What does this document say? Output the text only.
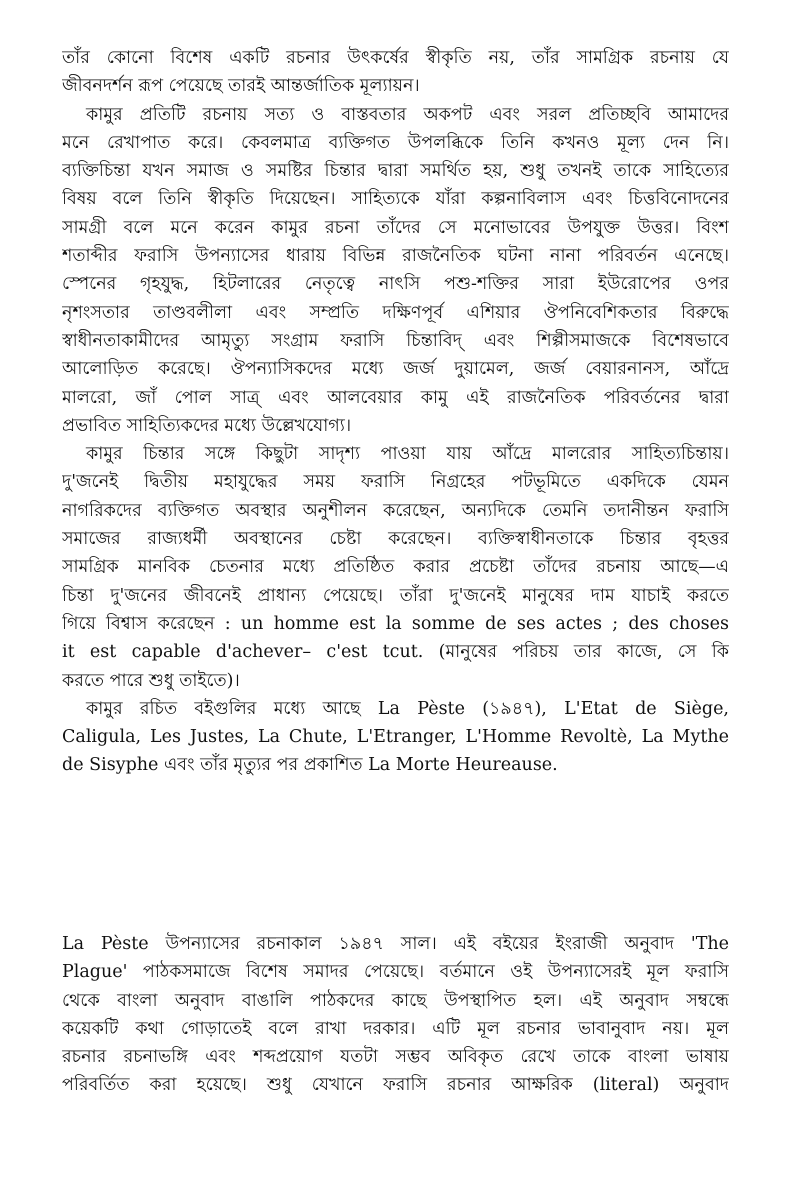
তাঁর কোনো বিশেষ একটি রচনার উৎকর্ষের স্বীকৃতি নয়, তাঁর সামগ্রিক রচনায় যে
জীবনদর্শন রূপ পেয়েছে তারই আন্তর্জাতিক মূল্যায়ন।
কামুর প্রতিটি রচনায় সত্য ও বাস্তবতার অকপট এবং সরল প্রতিচ্ছবি আমাদের
মনে রেখাপাত করে। কেবলমাত্র ব্যক্তিগত উপলব্ধিকে তিনি কখনও মূল্য দেন নি।
ব্যক্তিচিন্তা যখন সমাজ ও সমষ্টির চিন্তার দ্বারা সমর্থিত হয়, শুধু তখনই তাকে সাহিত্যের
বিষয় বলে তিনি স্বীকৃতি দিয়েছেন। সাহিত্যকে যাঁরা কল্পনাবিলাস এবং চিত্তবিনোদনের
সামগ্রী বলে মনে করেন কামুর রচনা তাঁদের সে মনোভাবের উপযুক্ত উত্তর। বিংশ
শতাব্দীর ফরাসি উপন্যাসের ধারায় বিভিন্ন রাজনৈতিক ঘটনা নানা পরিবর্তন এনেছে।
স্পেনের গৃহযুদ্ধ, হিটলারের নেতৃত্বে নাৎসি পশু-শক্তির সারা ইউরোপের ওপর
নৃশংসতার তাণ্ডবলীলা এবং সম্প্রতি দক্ষিণপূর্ব এশিয়ার ঔপনিবেশিকতার বিরুদ্ধে
স্বাধীনতাকামীদের আমৃত্যু সংগ্রাম ফরাসি চিন্তাবিদ্ এবং শিল্পীসমাজকে বিশেষভাবে
আলোড়িত করেছে। ঔপন্যাসিকদের মধ্যে জর্জ দুয়ামেল, জর্জ বেয়ারনানস, আঁদ্রে
মালরো, জাঁ পোল সাত্র্ এবং আলবেয়ার কামু এই রাজনৈতিক পরিবর্তনের দ্বারা
প্রভাবিত সাহিত্যিকদের মধ্যে উল্লেখযোগ্য।
কামুর চিন্তার সঙ্গে কিছুটা সাদৃশ্য পাওয়া যায় আঁদ্রে মালরোর সাহিত্যচিন্তায়।
দু'জনেই দ্বিতীয় মহাযুদ্ধের সময় ফরাসি নিগ্রহের পটভূমিতে একদিকে যেমন
নাগরিকদের ব্যক্তিগত অবস্থার অনুশীলন করেছেন, অন্যদিকে তেমনি তদানীন্তন ফরাসি
সমাজের রাজ্যধর্মী অবস্থানের চেষ্টা করেছেন। ব্যক্তিস্বাধীনতাকে চিন্তার বৃহত্তর
সামগ্রিক মানবিক চেতনার মধ্যে প্রতিষ্ঠিত করার প্রচেষ্টা তাঁদের রচনায় আছে—এ
চিন্তা দু'জনের জীবনেই প্রাধান্য পেয়েছে। তাঁরা দু'জনেই মানুষের দাম যাচাই করতে
গিয়ে বিশ্বাস করেছেন : un homme est la somme de ses actes ; des choses
it est capable d'achever– c'est tcut. (মানুষের পরিচয় তার কাজে, সে কি
করতে পারে শুধু তাইতে)।
কামুর রচিত বইগুলির মধ্যে আছে La Pèste (১৯৪৭), L'Etat de Siège,
Caligula, Les Justes, La Chute, L'Etranger, L'Homme Revoltè, La Mythe
de Sisyphe এবং তাঁর মৃত্যুর পর প্রকাশিত La Morte Heureause.
La Pèste উপন্যাসের রচনাকাল ১৯৪৭ সাল। এই বইয়ের ইংরাজী অনুবাদ 'The
Plague' পাঠকসমাজে বিশেষ সমাদর পেয়েছে। বর্তমানে ওই উপন্যাসেরই মূল ফরাসি
থেকে বাংলা অনুবাদ বাঙালি পাঠকদের কাছে উপস্থাপিত হল। এই অনুবাদ সম্বন্ধে
কয়েকটি কথা গোড়াতেই বলে রাখা দরকার। এটি মূল রচনার ভাবানুবাদ নয়। মূল
রচনার রচনাভঙ্গি এবং শব্দপ্রয়োগ যতটা সম্ভব অবিকৃত রেখে তাকে বাংলা ভাষায়
পরিবর্তিত করা হয়েছে। শুধু যেখানে ফরাসি রচনার আক্ষরিক (literal) অনুবাদ
